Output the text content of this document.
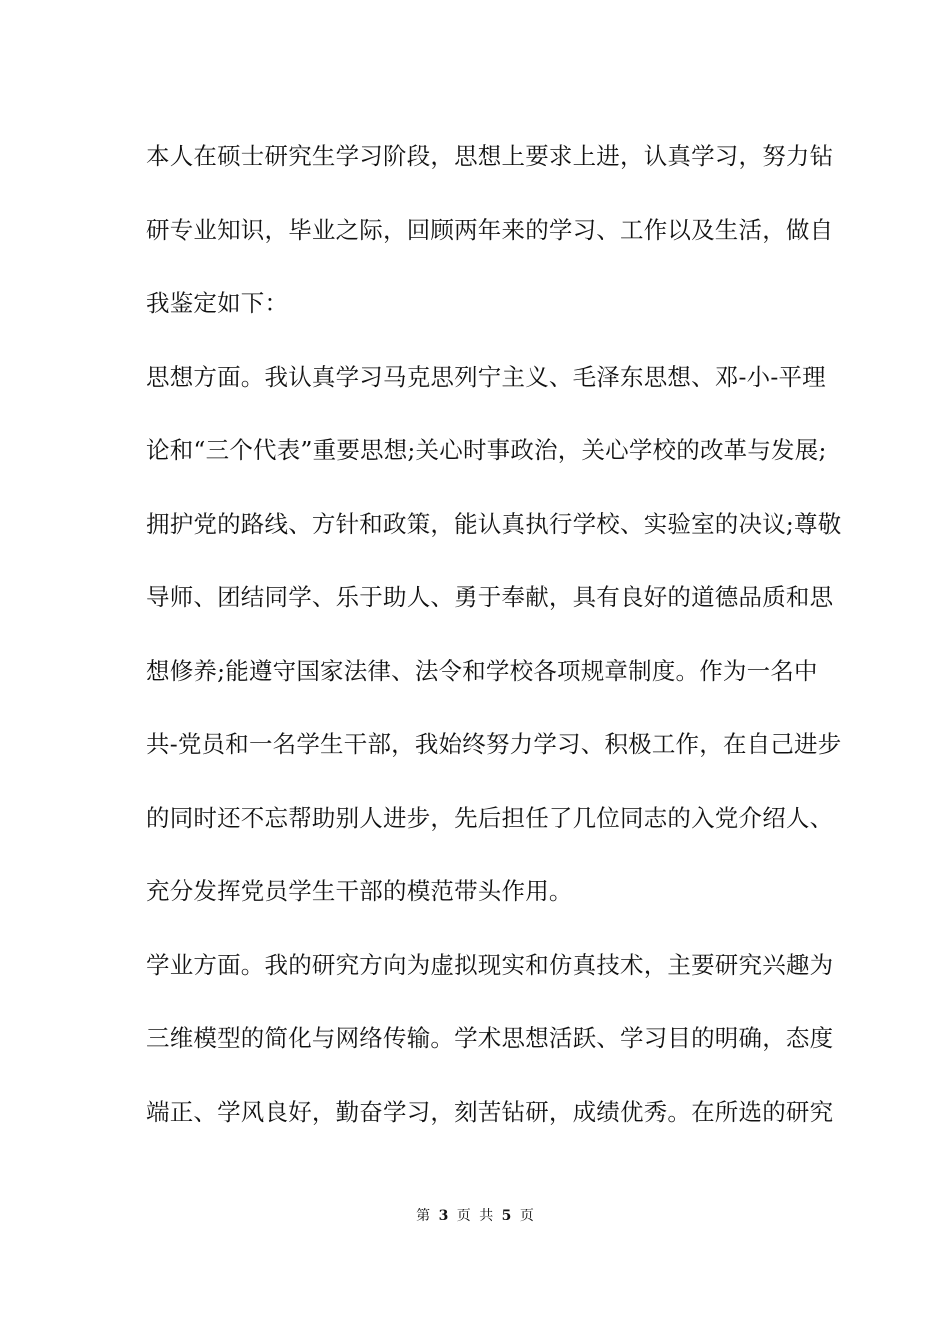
本人在硕士研究生学习阶段，思想上要求上进，认真学习，努力钻
研专业知识，毕业之际，回顾两年来的学习、工作以及生活，做自
我鉴定如下：
思想方面。我认真学习马克思列宁主义、毛泽东思想、邓-小-平理
论和“三个代表”重要思想;关心时事政治，关心学校的改革与发展;
拥护党的路线、方针和政策，能认真执行学校、实验室的决议;尊敬
导师、团结同学、乐于助人、勇于奉献，具有良好的道德品质和思
想修养;能遵守国家法律、法令和学校各项规章制度。作为一名中
共-党员和一名学生干部，我始终努力学习、积极工作，在自己进步
的同时还不忘帮助别人进步，先后担任了几位同志的入党介绍人、
充分发挥党员学生干部的模范带头作用。
学业方面。我的研究方向为虚拟现实和仿真技术，主要研究兴趣为
三维模型的简化与网络传输。学术思想活跃、学习目的明确，态度
端正、学风良好，勤奋学习，刻苦钻研，成绩优秀。在所选的研究
第 3 页 共 5 页
